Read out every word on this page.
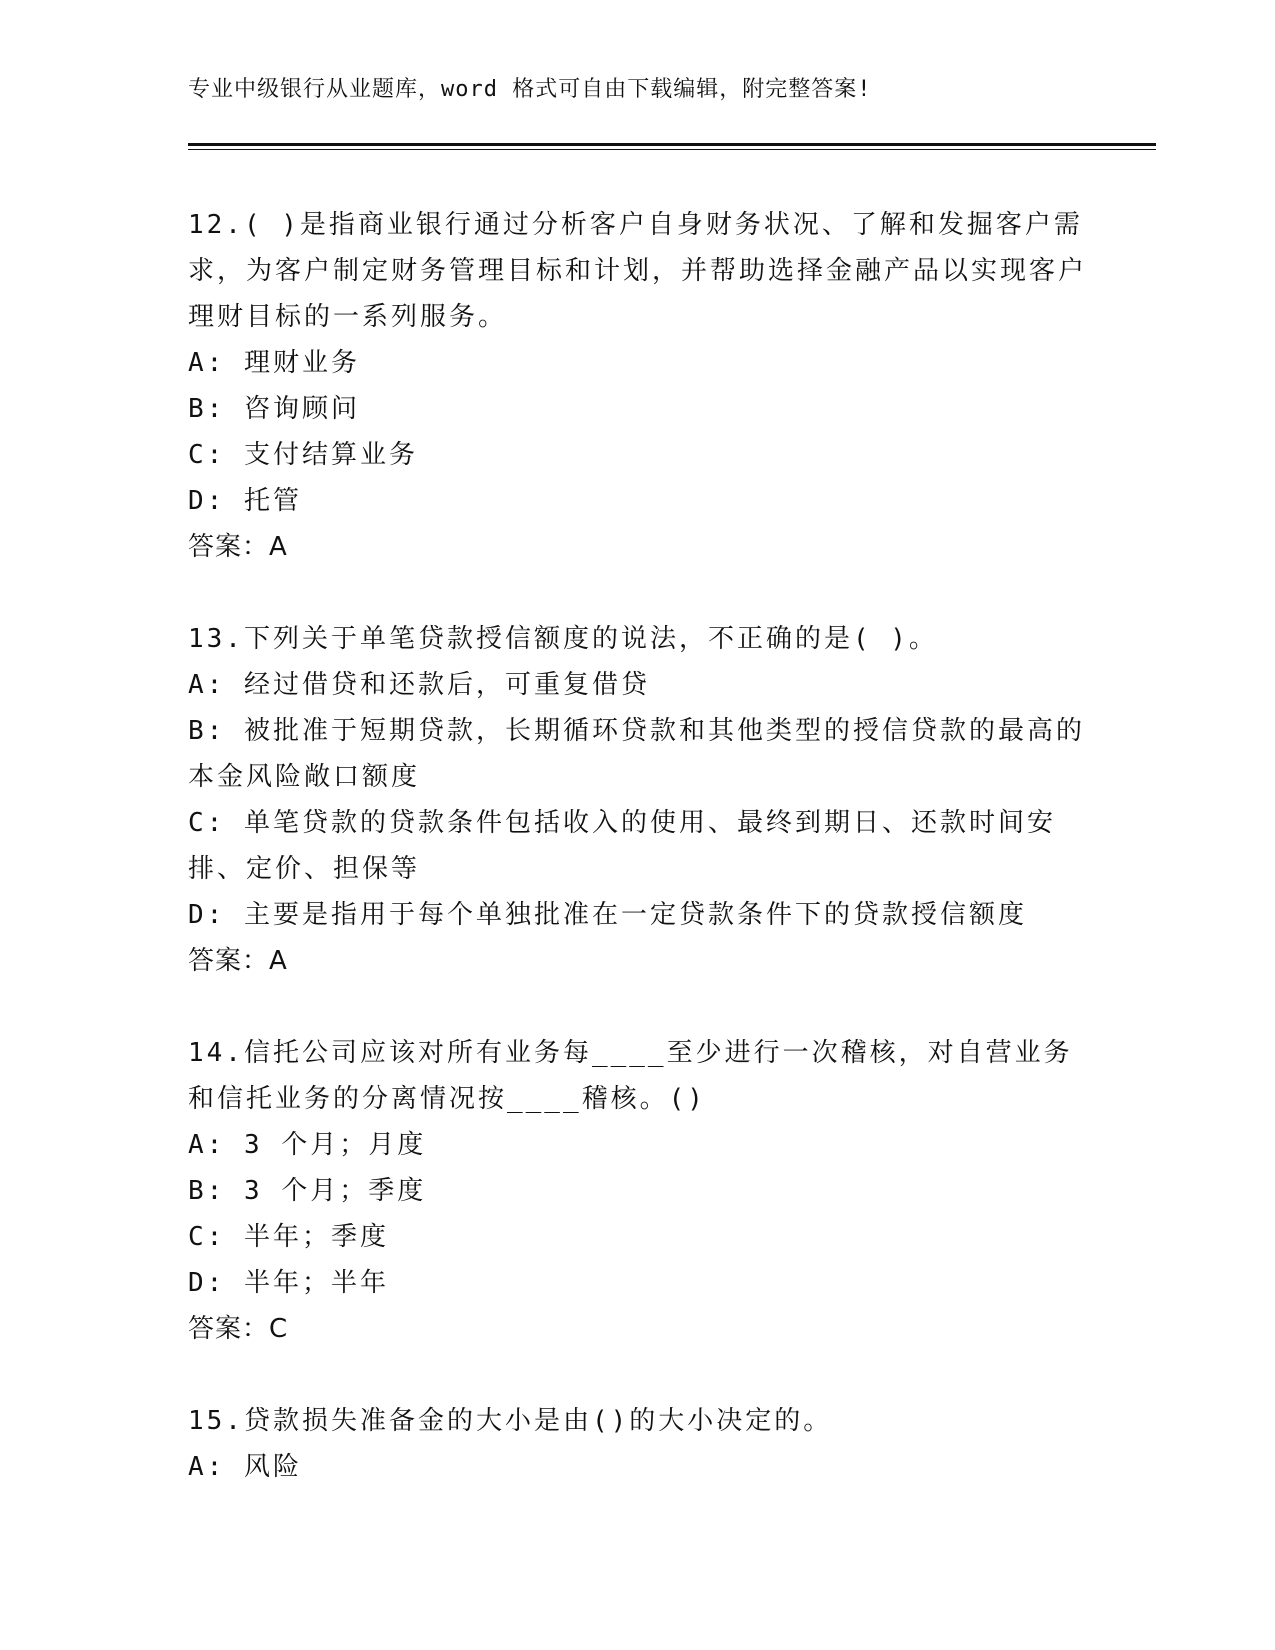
专业中级银行从业题库，word 格式可自由下载编辑，附完整答案!
12.( )是指商业银行通过分析客户自身财务状况、了解和发掘客户需求，为客户制定财务管理目标和计划，并帮助选择金融产品以实现客户理财目标的一系列服务。
A: 理财业务
B: 咨询顾问
C: 支付结算业务
D: 托管
答案：A
13.下列关于单笔贷款授信额度的说法，不正确的是( )。
A: 经过借贷和还款后，可重复借贷
B: 被批准于短期贷款，长期循环贷款和其他类型的授信贷款的最高的本金风险敞口额度
C: 单笔贷款的贷款条件包括收入的使用、最终到期日、还款时间安排、定价、担保等
D: 主要是指用于每个单独批准在一定贷款条件下的贷款授信额度
答案：A
14.信托公司应该对所有业务每____至少进行一次稽核，对自营业务和信托业务的分离情况按____稽核。()
A: 3 个月；月度
B: 3 个月；季度
C: 半年；季度
D: 半年；半年
答案：C
15.贷款损失准备金的大小是由()的大小决定的。
A: 风险
